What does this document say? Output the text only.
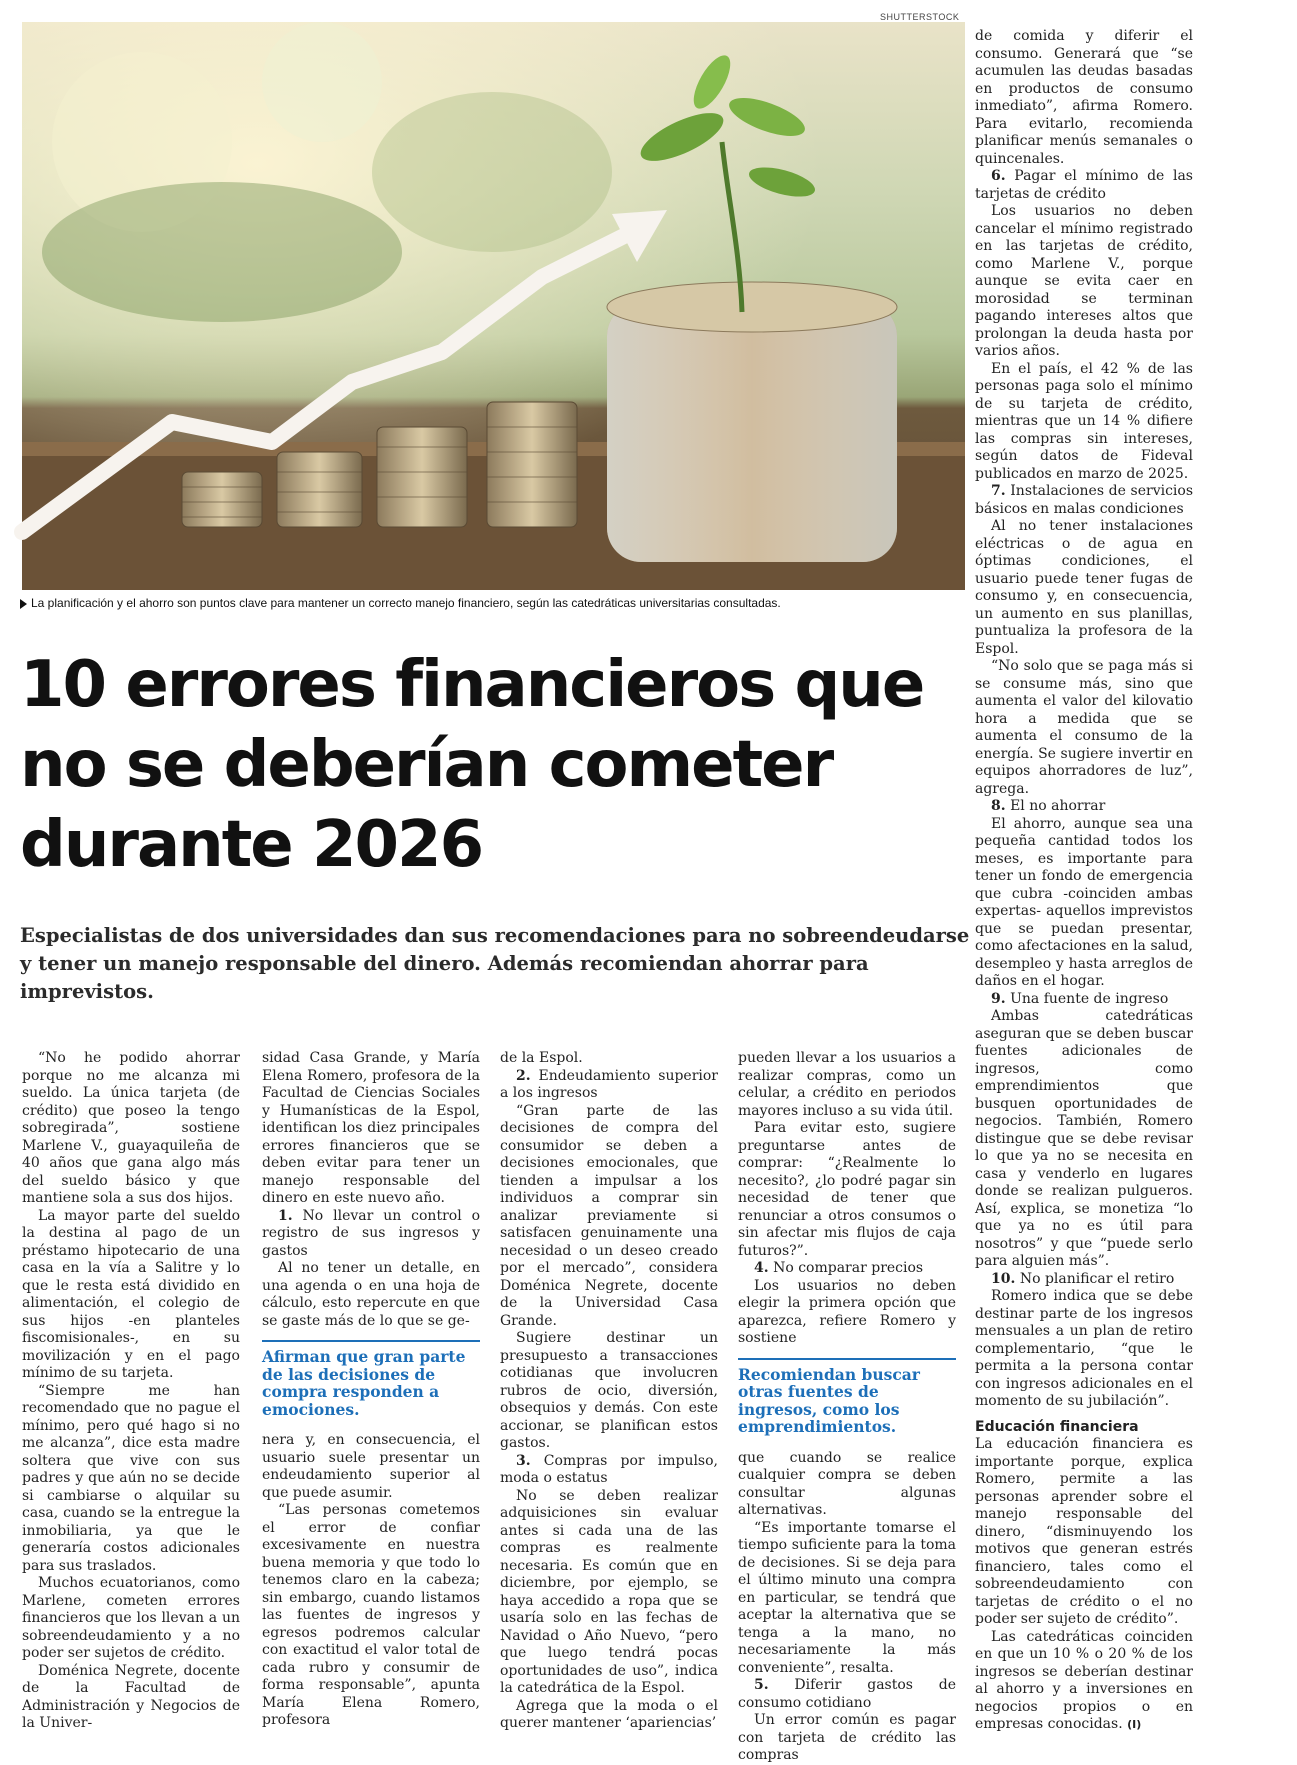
SHUTTERSTOCK
La planificación y el ahorro son puntos clave para mantener un correcto manejo financiero, según las catedráticas universitarias consultadas.
10 errores financieros que no se deberían cometer durante 2026
Especialistas de dos universidades dan sus recomendaciones para no sobreendeudarse y tener un manejo responsable del dinero. Además recomiendan ahorrar para imprevistos.

“No he podido ahorrar porque no me alcanza mi sueldo. La única tarjeta (de crédito) que poseo la tengo sobregirada”, sostiene Marlene V., guayaquileña de 40 años que gana algo más del sueldo básico y que mantiene sola a sus dos hijos.

La mayor parte del sueldo la destina al pago de un préstamo hipotecario de una casa en la vía a Salitre y lo que le resta está dividido en alimentación, el colegio de sus hijos -en planteles fiscomisionales-, en su movilización y en el pago mínimo de su tarjeta.

“Siempre me han recomendado que no pague el mínimo, pero qué hago si no me alcanza”, dice esta madre soltera que vive con sus padres y que aún no se decide si cambiarse o alquilar su casa, cuando se la entregue la inmobiliaria, ya que le generaría costos adicionales para sus traslados.

Muchos ecuatorianos, como Marlene, cometen errores financieros que los llevan a un sobreendeudamiento y a no poder ser sujetos de crédito.

Doménica Negrete, docente de la Facultad de Administración y Negocios de la Univer-

sidad Casa Grande, y María Elena Romero, profesora de la Facultad de Ciencias Sociales y Humanísticas de la Espol, identifican los diez principales errores financieros que se deben evitar para tener un manejo responsable del dinero en este nuevo año.

1. No llevar un control o registro de sus ingresos y gastos

Al no tener un detalle, en una agenda o en una hoja de cálculo, esto repercute en que se gaste más de lo que se ge-

Afirman que gran parte de las decisiones de compra responden a emociones.

nera y, en consecuencia, el usuario suele presentar un endeudamiento superior al que puede asumir.

“Las personas cometemos el error de confiar excesivamente en nuestra buena memoria y que todo lo tenemos claro en la cabeza; sin embargo, cuando listamos las fuentes de ingresos y egresos podremos calcular con exactitud el valor total de cada rubro y consumir de forma responsable”, apunta María Elena Romero, profesora

de la Espol.

2. Endeudamiento superior a los ingresos

“Gran parte de las decisiones de compra del consumidor se deben a decisiones emocionales, que tienden a impulsar a los individuos a comprar sin analizar previamente si satisfacen genuinamente una necesidad o un deseo creado por el mercado”, considera Doménica Negrete, docente de la Universidad Casa Grande.

Sugiere destinar un presupuesto a transacciones cotidianas que involucren rubros de ocio, diversión, obsequios y demás. Con este accionar, se planifican estos gastos.

3. Compras por impulso, moda o estatus

No se deben realizar adquisiciones sin evaluar antes si cada una de las compras es realmente necesaria. Es común que en diciembre, por ejemplo, se haya accedido a ropa que se usaría solo en las fechas de Navidad o Año Nuevo, “pero que luego tendrá pocas oportunidades de uso”, indica la catedrática de la Espol.

Agrega que la moda o el querer mantener ‘apariencias’

pueden llevar a los usuarios a realizar compras, como un celular, a crédito en periodos mayores incluso a su vida útil.

Para evitar esto, sugiere preguntarse antes de comprar: “¿Realmente lo necesito?, ¿lo podré pagar sin necesidad de tener que renunciar a otros consumos o sin afectar mis flujos de caja futuros?”.

4. No comparar precios

Los usuarios no deben elegir la primera opción que aparezca, refiere Romero y sostiene

Recomiendan buscar otras fuentes de ingresos, como los emprendimientos.

que cuando se realice cualquier compra se deben consultar algunas alternativas.

“Es importante tomarse el tiempo suficiente para la toma de decisiones. Si se deja para el último minuto una compra en particular, se tendrá que aceptar la alternativa que se tenga a la mano, no necesariamente la más conveniente”, resalta.

5. Diferir gastos de consumo cotidiano

Un error común es pagar con tarjeta de crédito las compras

de comida y diferir el consumo. Generará que “se acumulen las deudas basadas en productos de consumo inmediato”, afirma Romero. Para evitarlo, recomienda planificar menús semanales o quincenales.

6. Pagar el mínimo de las tarjetas de crédito

Los usuarios no deben cancelar el mínimo registrado en las tarjetas de crédito, como Marlene V., porque aunque se evita caer en morosidad se terminan pagando intereses altos que prolongan la deuda hasta por varios años.

En el país, el 42 % de las personas paga solo el mínimo de su tarjeta de crédito, mientras que un 14 % difiere las compras sin intereses, según datos de Fideval publicados en marzo de 2025.

7. Instalaciones de servicios básicos en malas condiciones

Al no tener instalaciones eléctricas o de agua en óptimas condiciones, el usuario puede tener fugas de consumo y, en consecuencia, un aumento en sus planillas, puntualiza la profesora de la Espol.

“No solo que se paga más si se consume más, sino que aumenta el valor del kilovatio hora a medida que se aumenta el consumo de la energía. Se sugiere invertir en equipos ahorradores de luz”, agrega.

8. El no ahorrar

El ahorro, aunque sea una pequeña cantidad todos los meses, es importante para tener un fondo de emergencia que cubra -coinciden ambas expertas- aquellos imprevistos que se puedan presentar, como afectaciones en la salud, desempleo y hasta arreglos de daños en el hogar.

9. Una fuente de ingreso

Ambas catedráticas aseguran que se deben buscar fuentes adicionales de ingresos, como emprendimientos que busquen oportunidades de negocios. También, Romero distingue que se debe revisar lo que ya no se necesita en casa y venderlo en lugares donde se realizan pulgueros. Así, explica, se monetiza “lo que ya no es útil para nosotros” y que “puede serlo para alguien más”.

10. No planificar el retiro

Romero indica que se debe destinar parte de los ingresos mensuales a un plan de retiro complementario, “que le permita a la persona contar con ingresos adicionales en el momento de su jubilación”.

Educación financiera

La educación financiera es importante porque, explica Romero, permite a las personas aprender sobre el manejo responsable del dinero, “disminuyendo los motivos que generan estrés financiero, tales como el sobreendeudamiento con tarjetas de crédito o el no poder ser sujeto de crédito”.

Las catedráticas coinciden en que un 10 % o 20 % de los ingresos se deberían destinar al ahorro y a inversiones en negocios propios o en empresas conocidas. (I)
